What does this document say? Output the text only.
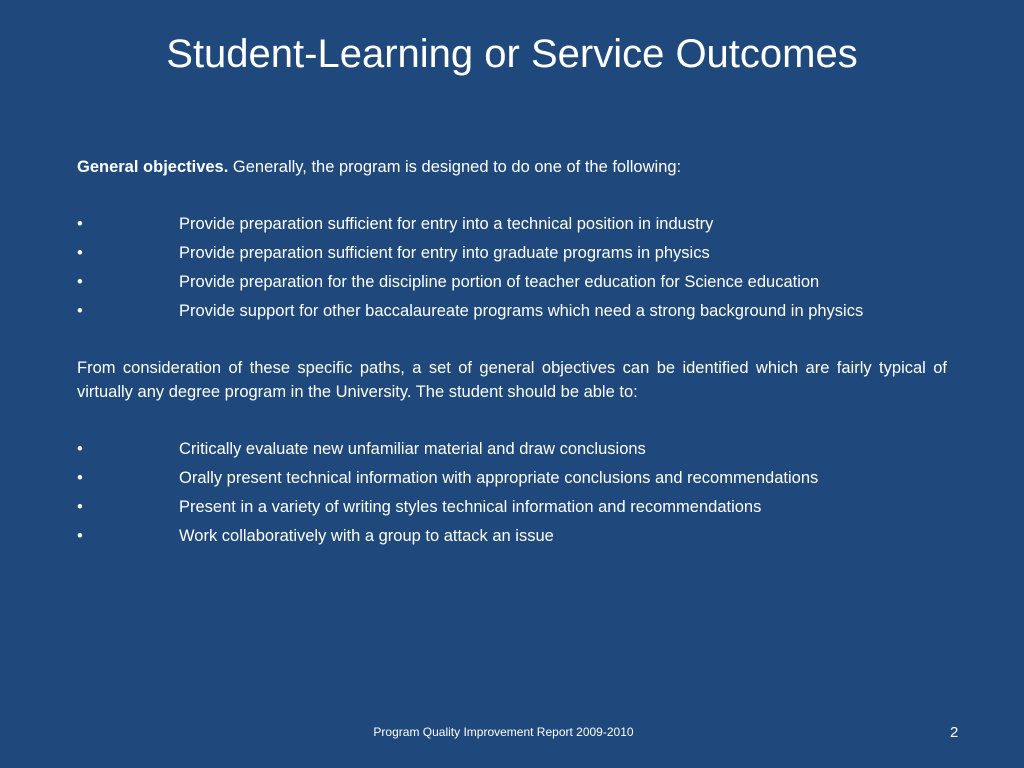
Student-Learning or Service Outcomes

General objectives. Generally, the program is designed to do one of the following:

•	Provide preparation sufficient for entry into a technical position in industry
•	Provide preparation sufficient for entry into graduate programs in physics
•	Provide preparation for the discipline portion of teacher education for Science education
•	Provide support for other baccalaureate programs which need a strong background in physics

From consideration of these specific paths, a set of general objectives can be identified which are fairly typical of virtually any degree program in the University. The student should be able to:

•	Critically evaluate new unfamiliar material and draw conclusions
•	Orally present technical information with appropriate conclusions and recommendations
•	Present in a variety of writing styles technical information and recommendations
•	Work collaboratively with a group to attack an issue
Program Quality Improvement Report 2009-2010	2
